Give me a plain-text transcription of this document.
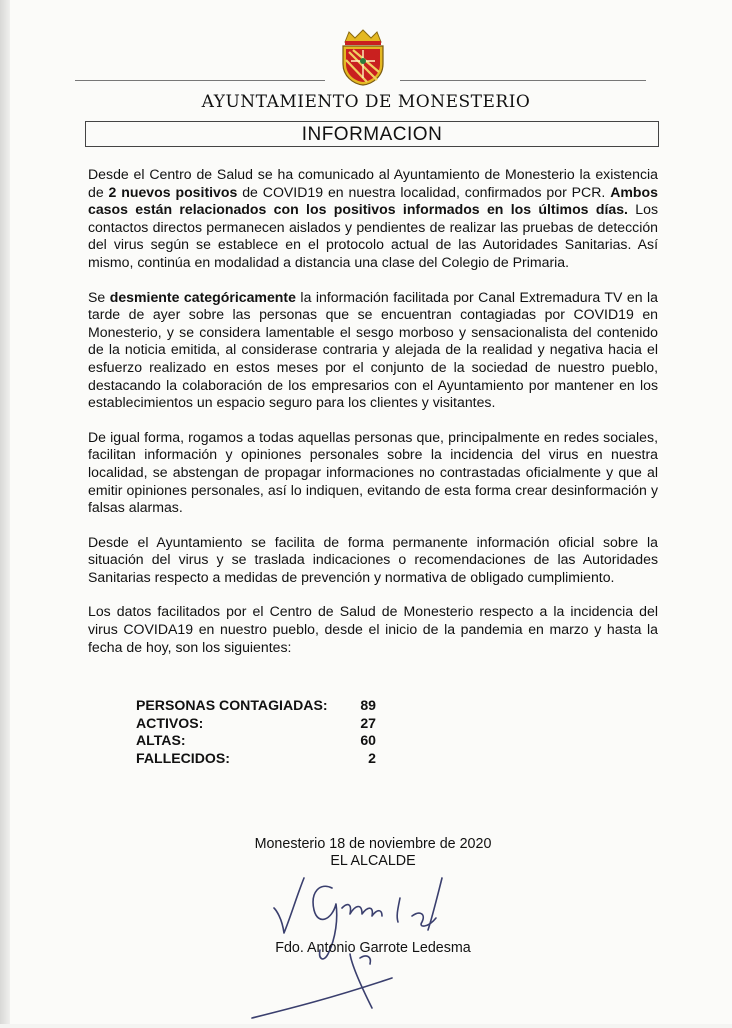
AYUNTAMIENTO DE MONESTERIO
INFORMACION

Desde el Centro de Salud se ha comunicado al Ayuntamiento de Monesterio la existencia de 2 nuevos positivos de COVID19 en nuestra localidad, confirmados por PCR. Ambos casos están relacionados con los positivos informados en los últimos días. Los contactos directos permanecen aislados y pendientes de realizar las pruebas de detección del virus según se establece en el protocolo actual de las Autoridades Sanitarias. Así mismo, continúa en modalidad a distancia una clase del Colegio de Primaria.

Se desmiente categóricamente la información facilitada por Canal Extremadura TV en la tarde de ayer sobre las personas que se encuentran contagiadas por COVID19 en Monesterio, y se considera lamentable el sesgo morboso y sensacionalista del contenido de la noticia emitida, al considerase contraria y alejada de la realidad y negativa hacia el esfuerzo realizado en estos meses por el conjunto de la sociedad de nuestro pueblo, destacando la colaboración de los empresarios con el Ayuntamiento por mantener en los establecimientos un espacio seguro para los clientes y visitantes.

De igual forma, rogamos a todas aquellas personas que, principalmente en redes sociales, facilitan información y opiniones personales sobre la incidencia del virus en nuestra localidad, se abstengan de propagar informaciones no contrastadas oficialmente y que al emitir opiniones personales, así lo indiquen, evitando de esta forma crear desinformación y falsas alarmas.

Desde el Ayuntamiento se facilita de forma permanente información oficial sobre la situación del virus y se traslada indicaciones o recomendaciones de las Autoridades Sanitarias respecto a medidas de prevención y normativa de obligado cumplimiento.

Los datos facilitados por el Centro de Salud de Monesterio respecto a la incidencia del virus COVIDA19 en nuestro pueblo, desde el inicio de la pandemia en marzo y hasta la fecha de hoy, son los siguientes:

PERSONAS CONTAGIADAS: 89
ACTIVOS:	27
ALTAS:	60
FALLECIDOS:	2
Monesterio 18 de noviembre de 2020
EL ALCALDE
Fdo. Antonio Garrote Ledesma
